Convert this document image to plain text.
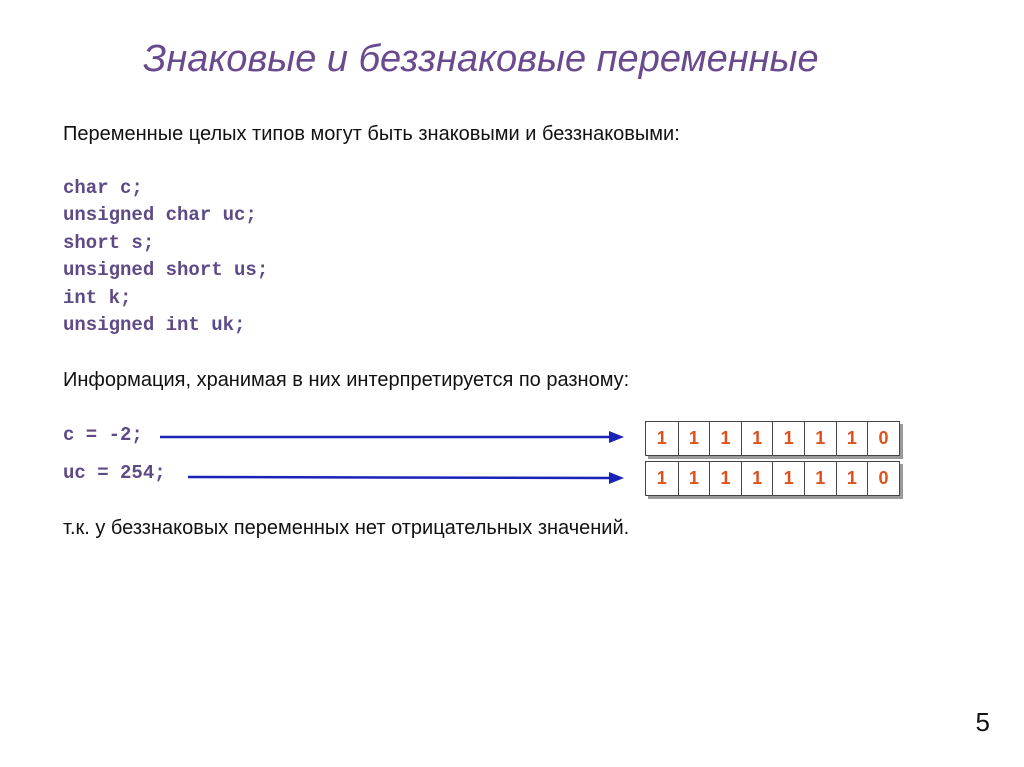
Знаковые и беззнаковые переменные
Переменные целых типов могут быть знаковыми и беззнаковыми:
char c;
unsigned char uc;
short s;
unsigned short us;
int k;
unsigned int uk;
Информация, хранимая в них интерпретируется по разному:
c = -2;	1	1	1	1	1	1	1	0
uc = 254;	1	1	1	1	1	1	1	0
т.к. у беззнаковых переменных нет отрицательных значений.
5
